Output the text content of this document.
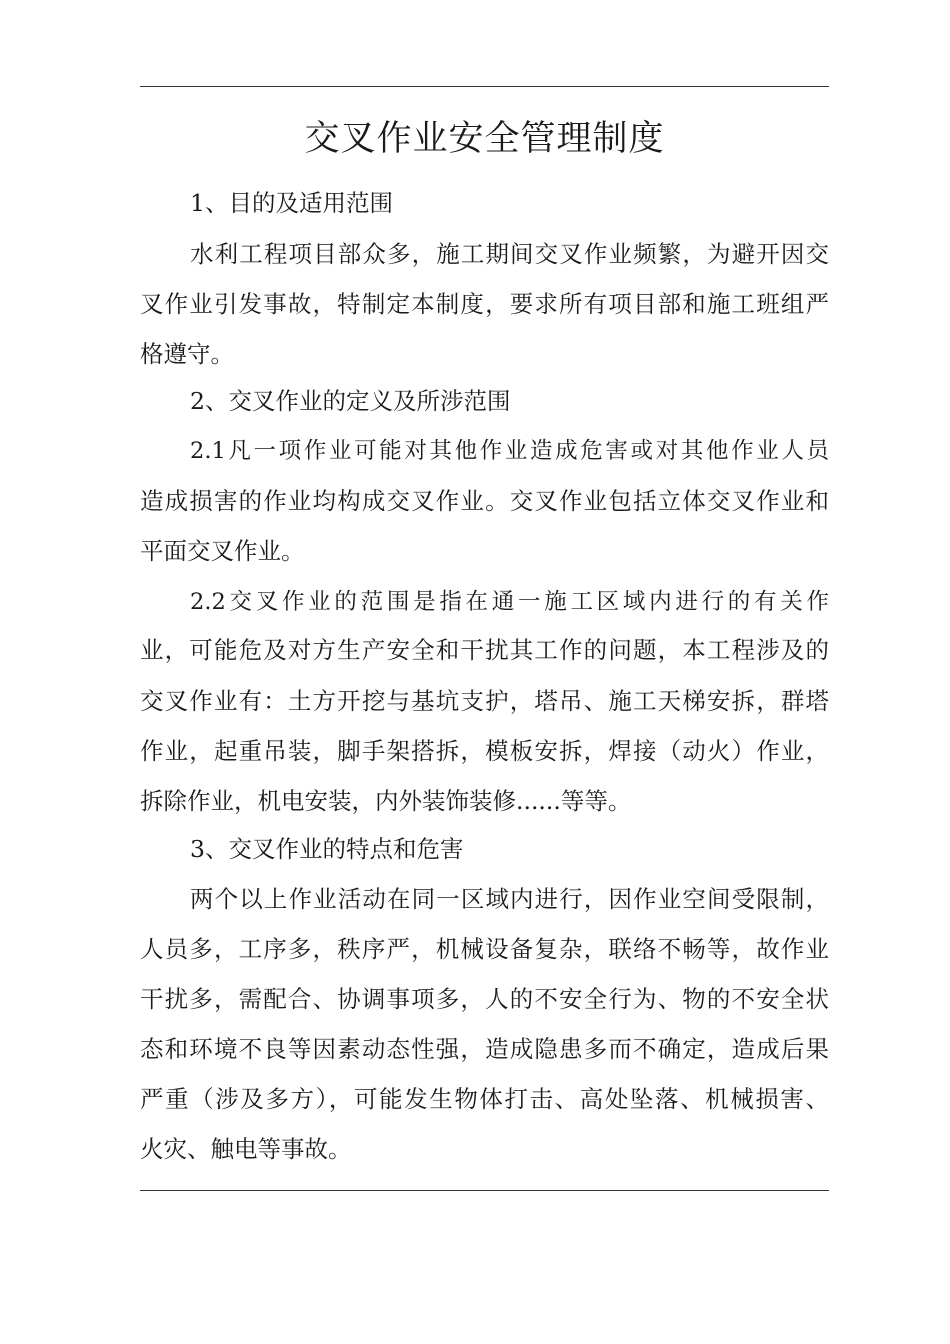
交叉作业安全管理制度
1、目的及适用范围
水利工程项目部众多，施工期间交叉作业频繁，为避开因交
叉作业引发事故，特制定本制度，要求所有项目部和施工班组严
格遵守。
2、交叉作业的定义及所涉范围
2.1凡一项作业可能对其他作业造成危害或对其他作业人员
造成损害的作业均构成交叉作业。交叉作业包括立体交叉作业和
平面交叉作业。
2.2交叉作业的范围是指在通一施工区域内进行的有关作
业，可能危及对方生产安全和干扰其工作的问题，本工程涉及的
交叉作业有：土方开挖与基坑支护，塔吊、施工天梯安拆，群塔
作业，起重吊装，脚手架搭拆，模板安拆，焊接（动火）作业，
拆除作业，机电安装，内外装饰装修......等等。
3、交叉作业的特点和危害
两个以上作业活动在同一区域内进行，因作业空间受限制，
人员多，工序多，秩序严，机械设备复杂，联络不畅等，故作业
干扰多，需配合、协调事项多，人的不安全行为、物的不安全状
态和环境不良等因素动态性强，造成隐患多而不确定，造成后果
严重（涉及多方），可能发生物体打击、高处坠落、机械损害、
火灾、触电等事故。
